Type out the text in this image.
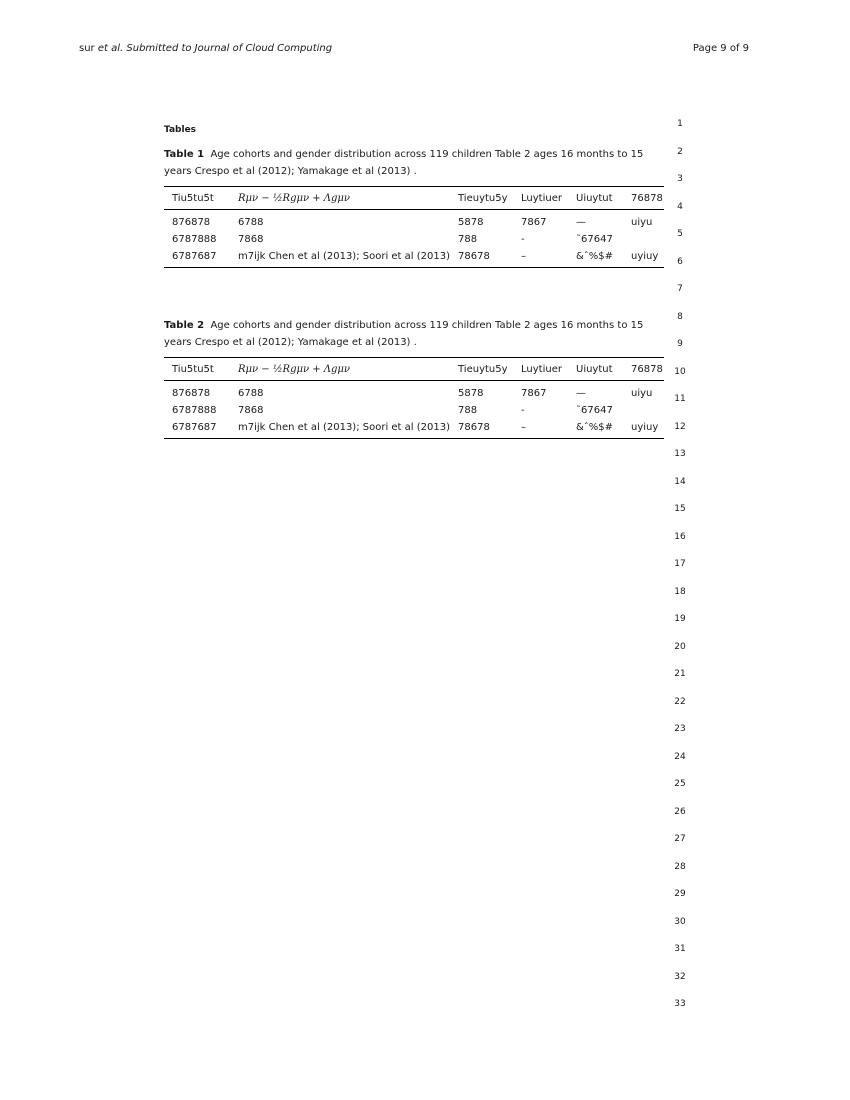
sur et al. Submitted to Journal of Cloud Computing	Page 9 of 9
Tables
Table 1 Age cohorts and gender distribution across 119 children Table 2 ages 16 months to 15 years Crespo et al (2012); Yamakage et al (2013) .
Tiu5tu5t	Rμν − ½Rgμν + Λgμν	Tieuytu5y	Luytiuer	Uiuytut	76878
876878	6788	5878	7867	—	uiyu
6787888	7868	788	-	˜67647	
6787687	m7ijk Chen et al (2013); Soori et al (2013)	78678	–	&ˆ%$#	uyiuy
Table 2 Age cohorts and gender distribution across 119 children Table 2 ages 16 months to 15 years Crespo et al (2012); Yamakage et al (2013) .
Tiu5tu5t	Rμν − ½Rgμν + Λgμν	Tieuytu5y	Luytiuer	Uiuytut	76878
876878	6788	5878	7867	—	uiyu
6787888	7868	788	-	˜67647	
6787687	m7ijk Chen et al (2013); Soori et al (2013)	78678	–	&ˆ%$#	uyiuy
1
2
3
4
5
6
7
8
9
10
11
12
13
14
15
16
17
18
19
20
21
22
23
24
25
26
27
28
29
30
31
32
33
